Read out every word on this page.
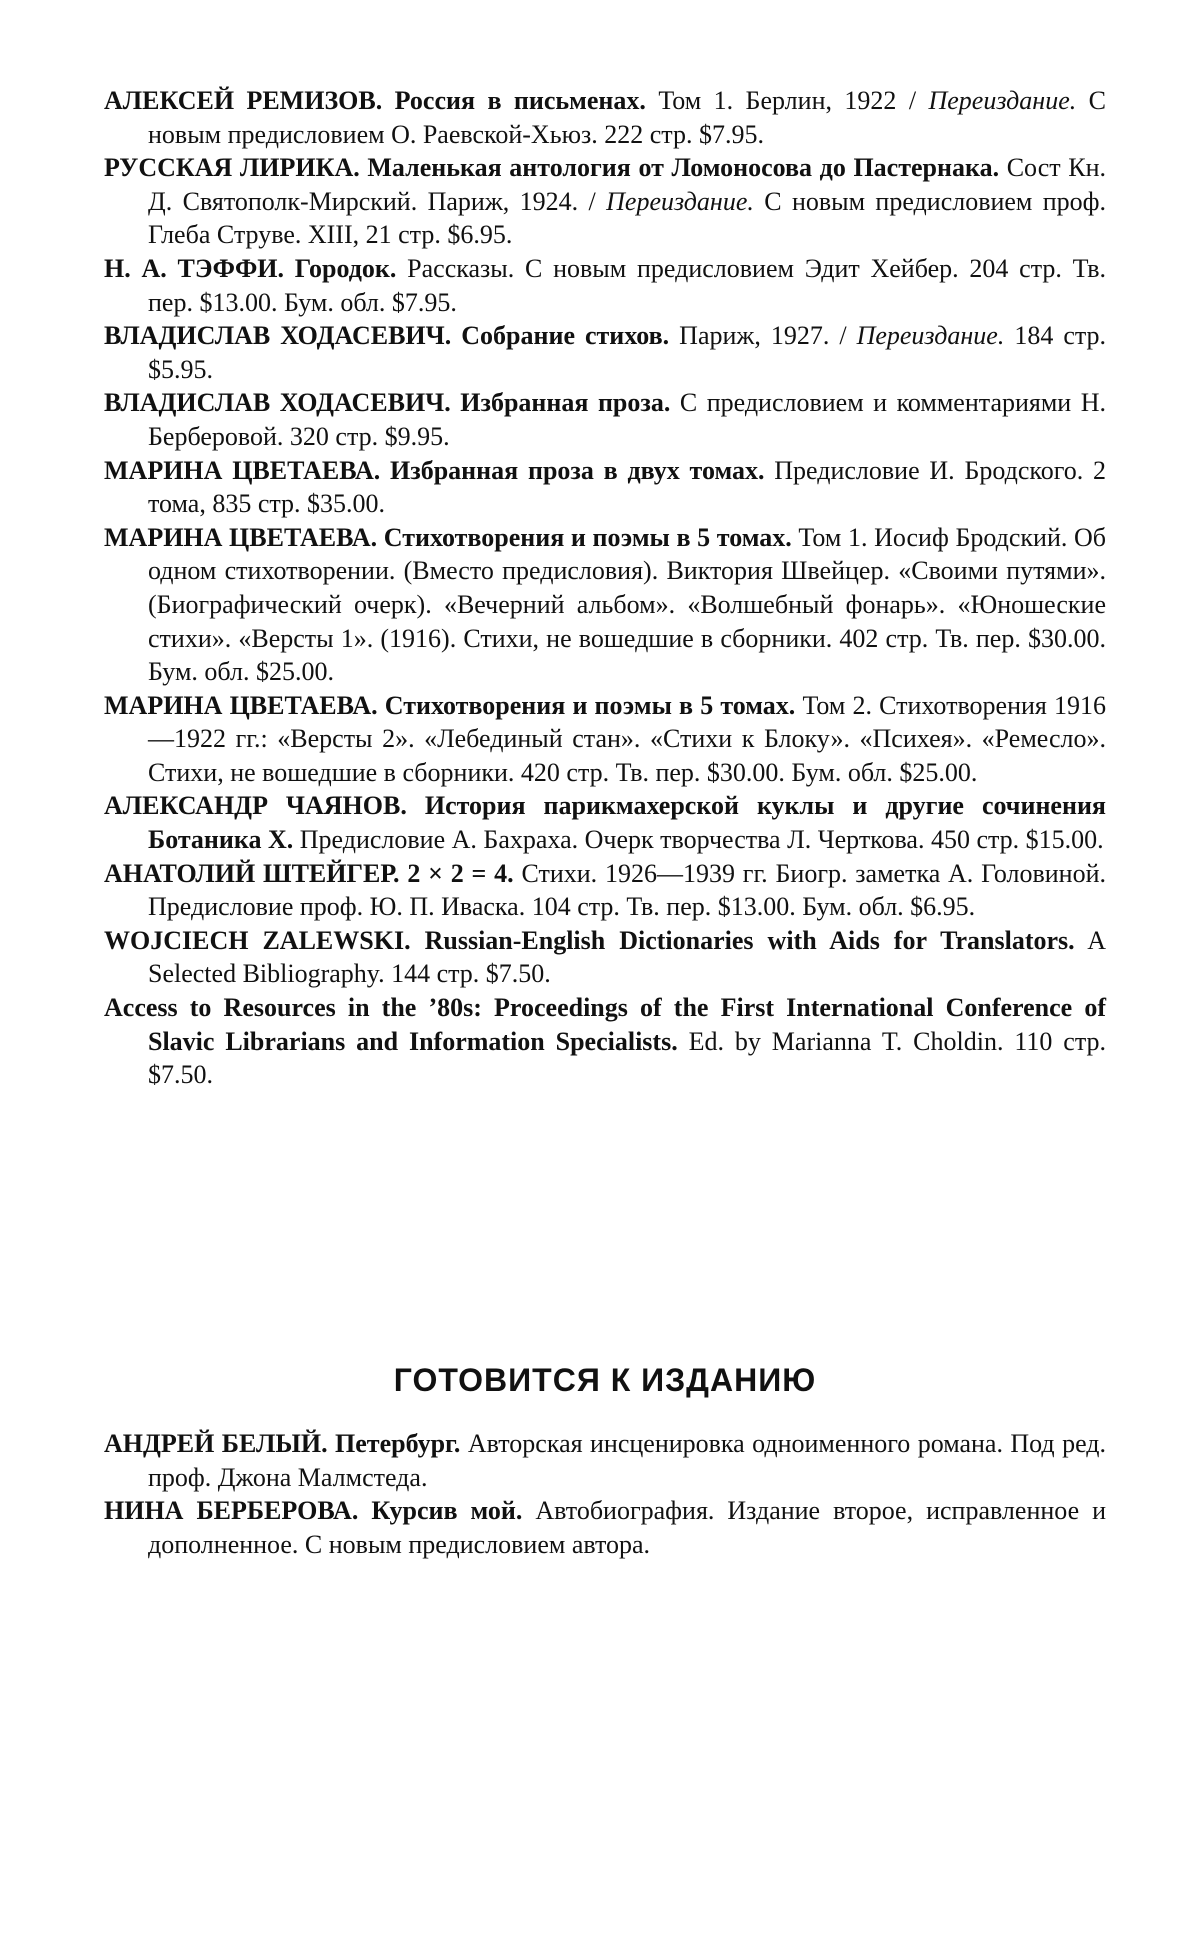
АЛЕКСЕЙ РЕМИЗОВ. Россия в письменах. Том 1. Берлин, 1922 / Переиздание. С новым предисловием О. Раевской-Хьюз. 222 стр. $7.95.

РУССКАЯ ЛИРИКА. Маленькая антология от Ломоносова до Пастернака. Сост Кн. Д. Святополк-Мирский. Париж, 1924. / Переиздание. С новым предисловием проф. Глеба Струве. XIII, 21 стр. $6.95.

Н. А. ТЭФФИ. Городок. Рассказы. С новым предисловием Эдит Хейбер. 204 стр. Тв. пер. $13.00. Бум. обл. $7.95.

ВЛАДИСЛАВ ХОДАСЕВИЧ. Собрание стихов. Париж, 1927. / Переиздание. 184 стр. $5.95.

ВЛАДИСЛАВ ХОДАСЕВИЧ. Избранная проза. С предисловием и комментариями Н. Берберовой. 320 стр. $9.95.

МАРИНА ЦВЕТАЕВА. Избранная проза в двух томах. Предисловие И. Бродского. 2 тома, 835 стр. $35.00.

МАРИНА ЦВЕТАЕВА. Стихотворения и поэмы в 5 томах. Том 1. Иосиф Бродский. Об одном стихотворении. (Вместо предисловия). Виктория Швейцер. «Своими путями». (Биографический очерк). «Вечерний альбом». «Волшебный фонарь». «Юношеские стихи». «Версты 1». (1916). Стихи, не вошедшие в сборники. 402 стр. Тв. пер. $30.00. Бум. обл. $25.00.

МАРИНА ЦВЕТАЕВА. Стихотворения и поэмы в 5 томах. Том 2. Стихотворения 1916—1922 гг.: «Версты 2». «Лебединый стан». «Стихи к Блоку». «Психея». «Ремесло». Стихи, не вошедшие в сборники. 420 стр. Тв. пер. $30.00. Бум. обл. $25.00.

АЛЕКСАНДР ЧАЯНОВ. История парикмахерской куклы и другие сочинения Ботаника X. Предисловие А. Бахраха. Очерк творчества Л. Черткова. 450 стр. $15.00.

АНАТОЛИЙ ШТЕЙГЕР. 2 × 2 = 4. Стихи. 1926—1939 гг. Биогр. заметка А. Головиной. Предисловие проф. Ю. П. Иваска. 104 стр. Тв. пер. $13.00. Бум. обл. $6.95.

WOJCIECH ZALEWSKI. Russian-English Dictionaries with Aids for Translators. A Selected Bibliography. 144 стр. $7.50.

Access to Resources in the ’80s: Proceedings of the First International Conference of Slavic Librarians and Information Specialists. Ed. by Marianna T. Choldin. 110 стр. $7.50.

ГОТОВИТСЯ К ИЗДАНИЮ

АНДРЕЙ БЕЛЫЙ. Петербург. Авторская инсценировка одноименного романа. Под ред. проф. Джона Малмстеда.

НИНА БЕРБЕРОВА. Курсив мой. Автобиография. Издание второе, исправленное и дополненное. С новым предисловием автора.
